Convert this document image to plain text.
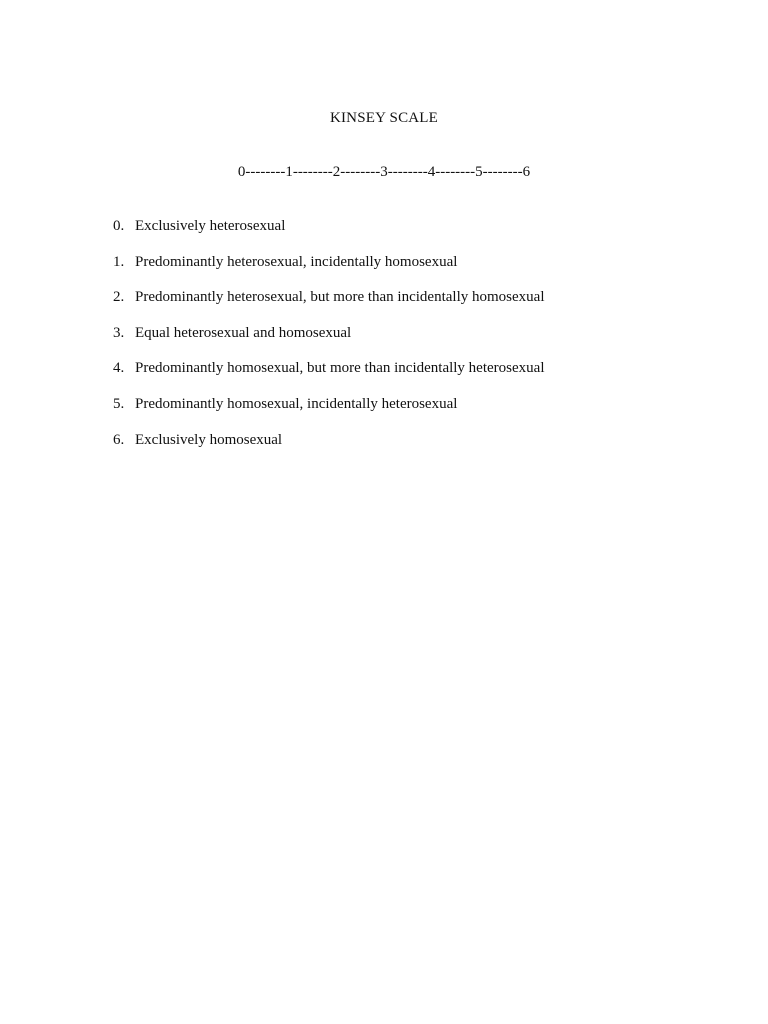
KINSEY SCALE
0--------1--------2--------3--------4--------5--------6
0. Exclusively heterosexual
1. Predominantly heterosexual, incidentally homosexual
2. Predominantly heterosexual, but more than incidentally homosexual
3. Equal heterosexual and homosexual
4. Predominantly homosexual, but more than incidentally heterosexual
5. Predominantly homosexual, incidentally heterosexual
6. Exclusively homosexual
